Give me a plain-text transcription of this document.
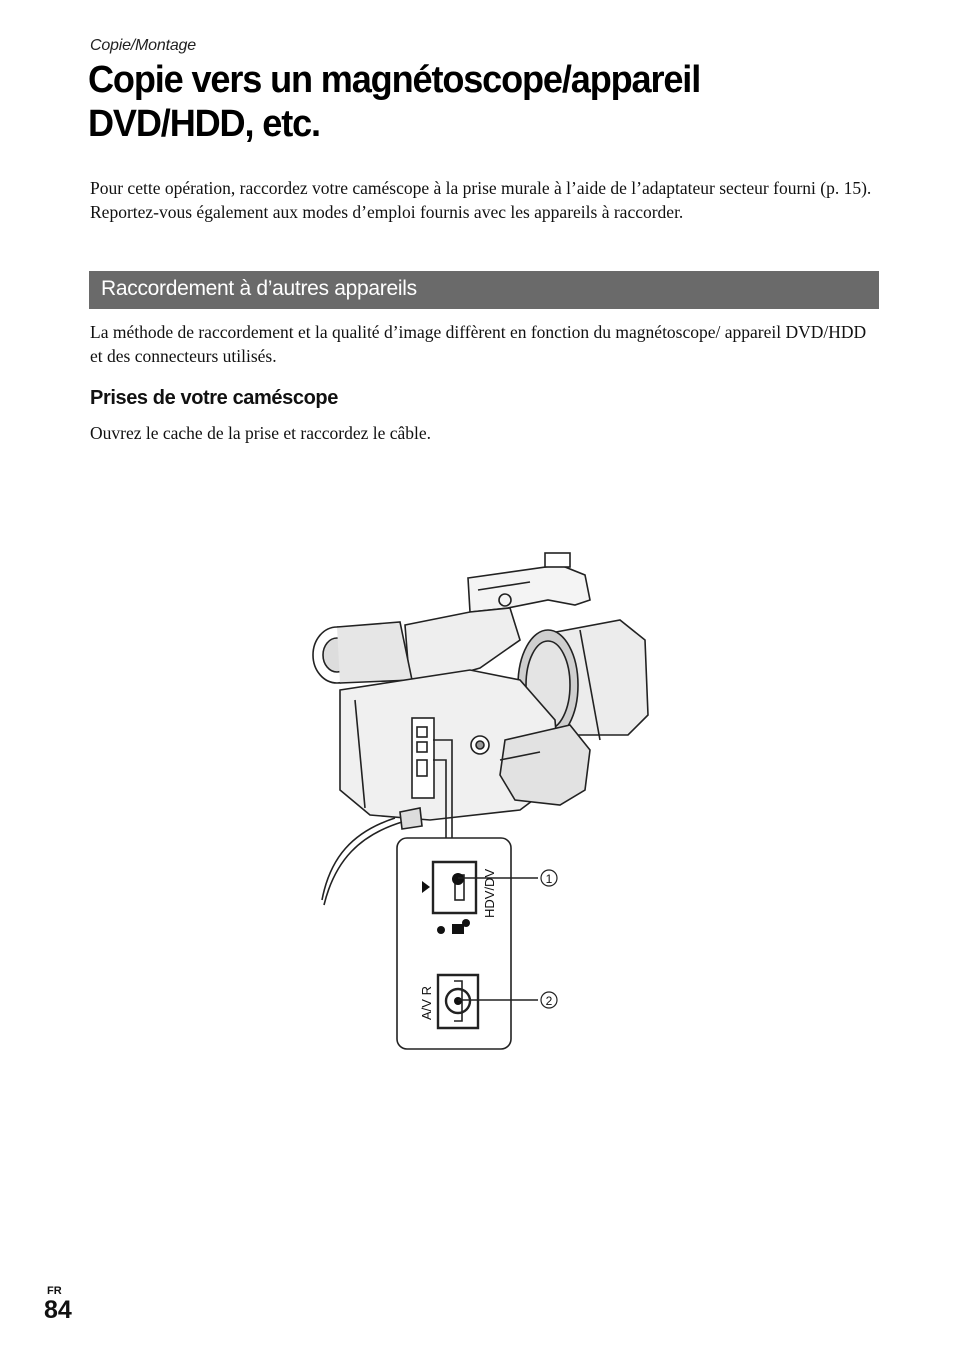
Copie/Montage
Copie vers un magnétoscope/appareil DVD/HDD, etc.

Pour cette opération, raccordez votre caméscope à la prise murale à l’aide de l’adaptateur secteur fourni (p. 15). Reportez-vous également aux modes d’emploi fournis avec les appareils à raccorder.

Raccordement à d’autres appareils

La méthode de raccordement et la qualité d’image diffèrent en fonction du magnétoscope/ appareil DVD/HDD et des connecteurs utilisés.

Prises de votre caméscope

Ouvrez le cache de la prise et raccordez le câble.

HDV/DV
A/V R
1
2
FR
84
